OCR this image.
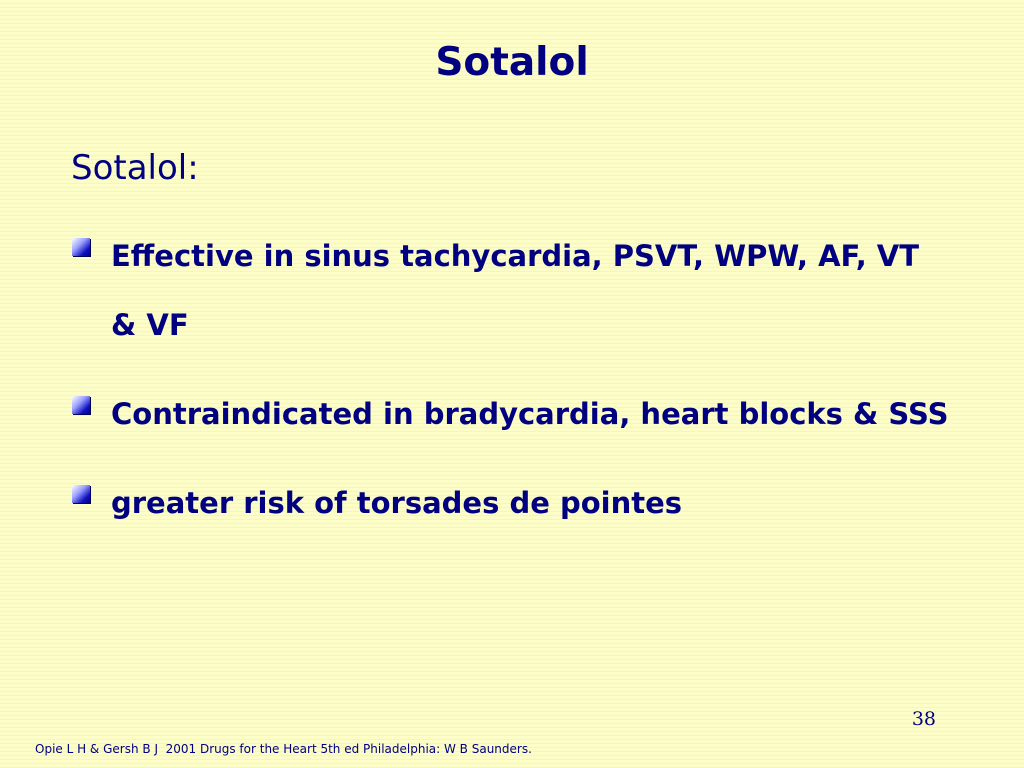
Sotalol
Sotalol:
Effective in sinus tachycardia, PSVT, WPW, AF, VT & VF
Contraindicated in bradycardia, heart blocks & SSS
greater risk of torsades de pointes
38
Opie L H & Gersh B J  2001 Drugs for the Heart 5th ed Philadelphia: W B Saunders.
